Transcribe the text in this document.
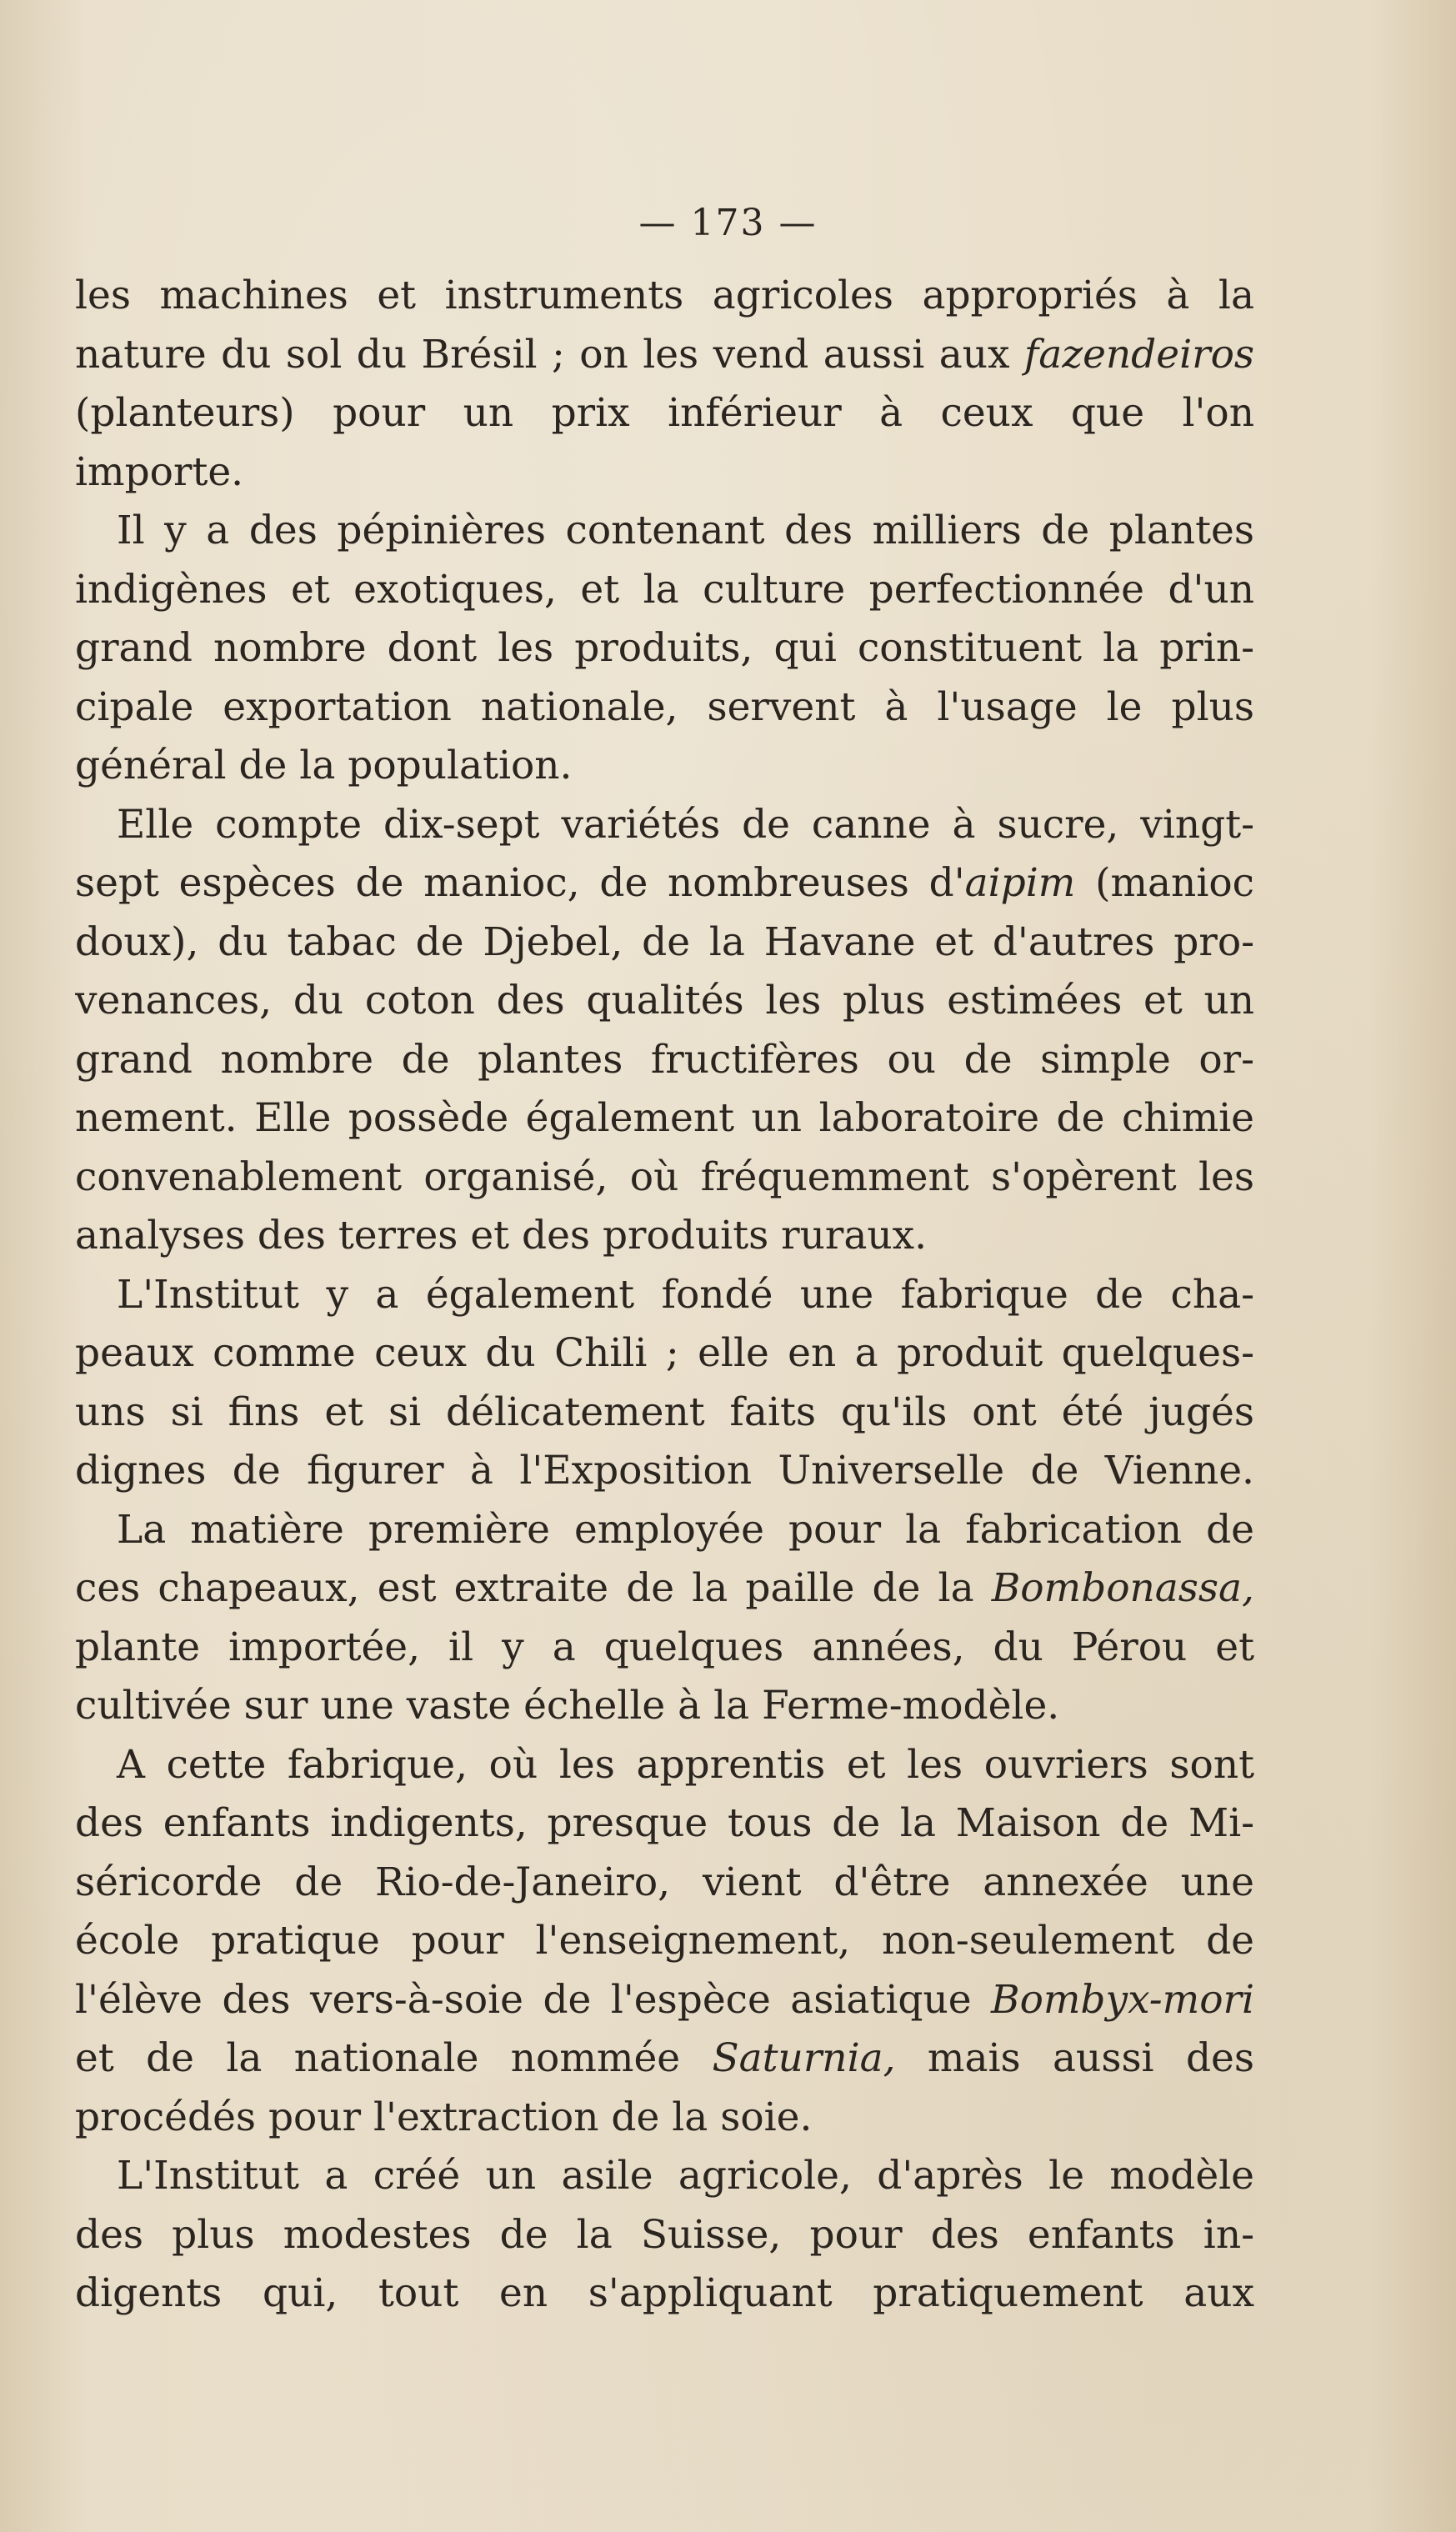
— 173 —
les machines et instruments agricoles appropriés à la
nature du sol du Brésil ; on les vend aussi aux fazendeiros
(planteurs) pour un prix inférieur à ceux que l'on
importe.
Il y a des pépinières contenant des milliers de plantes
indigènes et exotiques, et la culture perfectionnée d'un
grand nombre dont les produits, qui constituent la prin-
cipale exportation nationale, servent à l'usage le plus
général de la population.
Elle compte dix-sept variétés de canne à sucre, vingt-
sept espèces de manioc, de nombreuses d'aipim (manioc
doux), du tabac de Djebel, de la Havane et d'autres pro-
venances, du coton des qualités les plus estimées et un
grand nombre de plantes fructifères ou de simple or-
nement. Elle possède également un laboratoire de chimie
convenablement organisé, où fréquemment s'opèrent les
analyses des terres et des produits ruraux.
L'Institut y a également fondé une fabrique de cha-
peaux comme ceux du Chili ; elle en a produit quelques-
uns si fins et si délicatement faits qu'ils ont été jugés
dignes de figurer à l'Exposition Universelle de Vienne.
La matière première employée pour la fabrication de
ces chapeaux, est extraite de la paille de la Bombonassa,
plante importée, il y a quelques années, du Pérou et
cultivée sur une vaste échelle à la Ferme-modèle.
A cette fabrique, où les apprentis et les ouvriers sont
des enfants indigents, presque tous de la Maison de Mi-
séricorde de Rio-de-Janeiro, vient d'être annexée une
école pratique pour l'enseignement, non-seulement de
l'élève des vers-à-soie de l'espèce asiatique Bombyx-mori
et de la nationale nommée Saturnia, mais aussi des
procédés pour l'extraction de la soie.
L'Institut a créé un asile agricole, d'après le modèle
des plus modestes de la Suisse, pour des enfants in-
digents qui, tout en s'appliquant pratiquement aux
